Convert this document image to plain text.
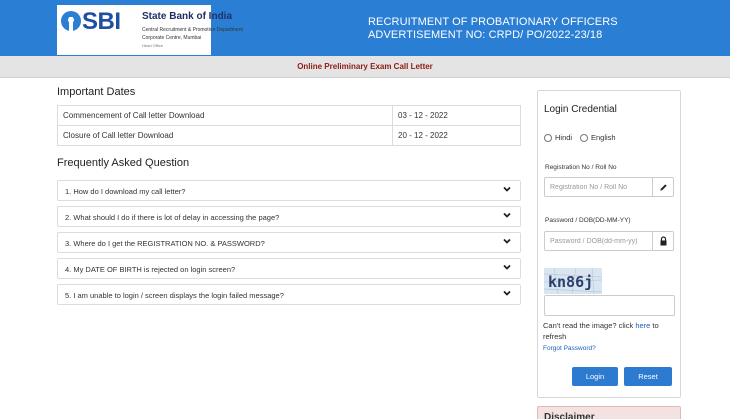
SBI State Bank of India
Central Recruitment & Promotion Department
Corporate Centre, Mumbai
Head Office
RECRUITMENT OF PROBATIONARY OFFICERS
ADVERTISEMENT NO: CRPD/ PO/2022-23/18
Online Preliminary Exam Call Letter
Important Dates
Commencement of Call letter Download	03 - 12 - 2022
Closure of Call letter Download	20 - 12 - 2022
Frequently Asked Question
1. How do I download my call letter?
2. What should I do if there is lot of delay in accessing the page?
3. Where do I get the REGISTRATION NO. & PASSWORD?
4. My DATE OF BIRTH is rejected on login screen?
5. I am unable to login / screen displays the login failed message?
Login Credential
Hindi	English
Registration No / Roll No
Registration No / Roll No
Password / DOB(DD-MM-YY)
kn86j
Can't read the image? click here to refresh
Forgot Password?
Login	Reset
Disclaimer
